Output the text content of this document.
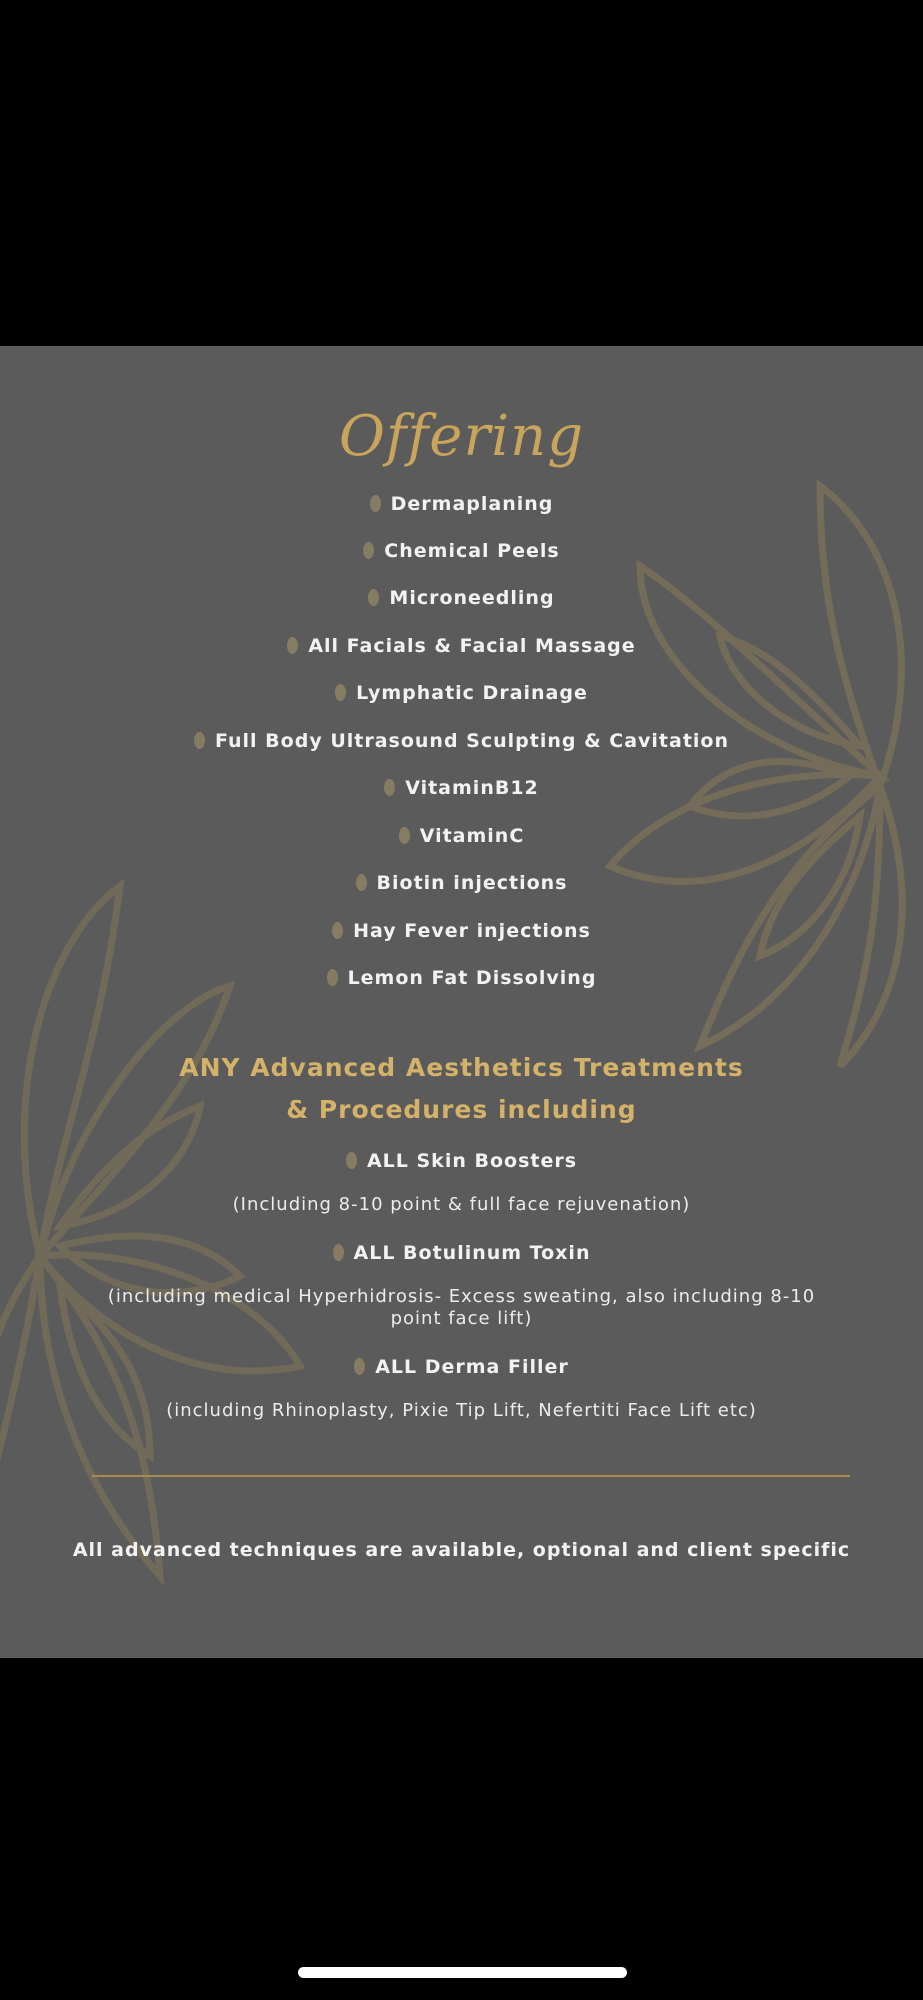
Offering
Dermaplaning
Chemical Peels
Microneedling
All Facials & Facial Massage
Lymphatic Drainage
Full Body Ultrasound Sculpting & Cavitation
VitaminB12
VitaminC
Biotin injections
Hay Fever injections
Lemon Fat Dissolving
ANY Advanced Aesthetics Treatments
& Procedures including
ALL Skin Boosters
(Including 8-10 point & full face rejuvenation)
ALL Botulinum Toxin
(including medical Hyperhidrosis- Excess sweating, also including 8-10 point face lift)
ALL Derma Filler
(including Rhinoplasty, Pixie Tip Lift, Nefertiti Face Lift etc)
All advanced techniques are available, optional and client specific
